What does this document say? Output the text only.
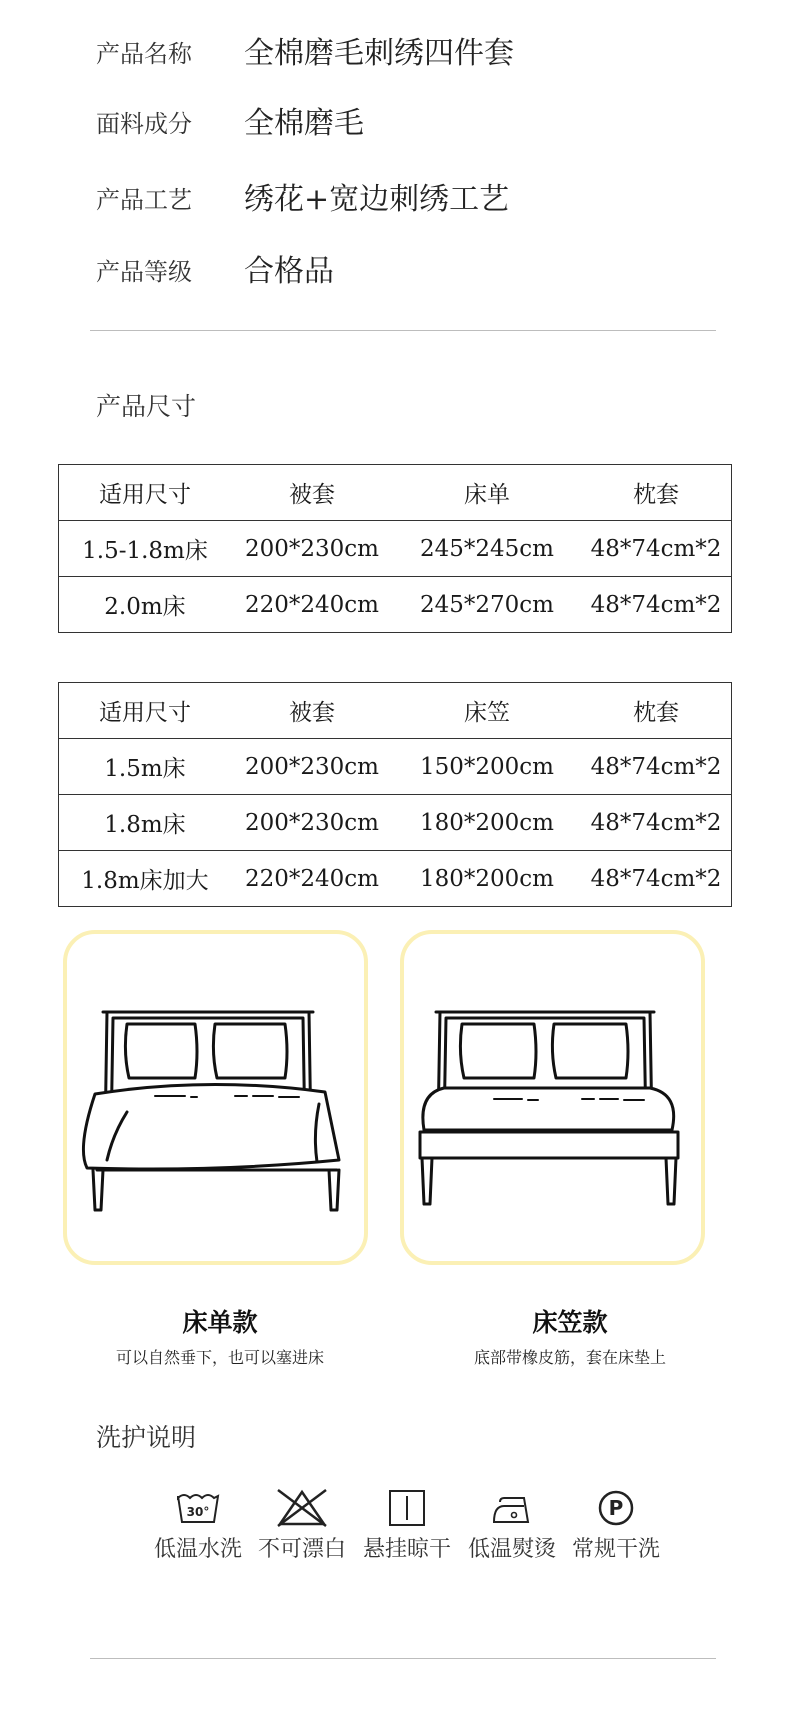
产品名称 全棉磨毛刺绣四件套
面料成分 全棉磨毛
产品工艺 绣花+宽边刺绣工艺
产品等级 合格品
产品尺寸
适用尺寸	被套	床单	枕套
1.5-1.8m床	200*230cm	245*245cm	48*74cm*2
2.0m床	220*240cm	245*270cm	48*74cm*2
适用尺寸	被套	床笠	枕套
1.5m床	200*230cm	150*200cm	48*74cm*2
1.8m床	200*230cm	180*200cm	48*74cm*2
1.8m床加大	220*240cm	180*200cm	48*74cm*2
床单款
可以自然垂下，也可以塞进床
床笠款
底部带橡皮筋，套在床垫上
洗护说明
30°
低温水洗 不可漂白 悬挂晾干 低温熨烫
P
常规干洗
